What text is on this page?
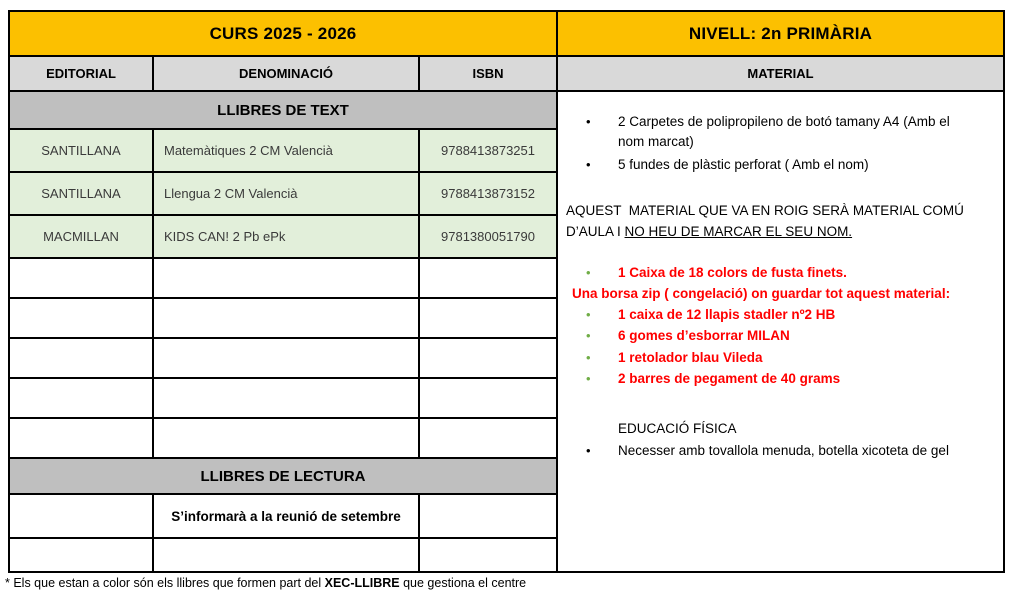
CURS 2025 - 2026
EDITORIAL	DENOMINACIÓ	ISBN
LLIBRES DE TEXT
SANTILLANA	Matemàtiques 2 CM Valencià	9788413873251
SANTILLANA	Llengua 2 CM Valencià	9788413873152
MACMILLAN	KIDS CAN! 2 Pb ePk	9781380051790
LLIBRES DE LECTURA
S’informarà a la reunió de setembre
NIVELL: 2n PRIMÀRIA
MATERIAL
•	2 Carpetes de polipropileno de botó tamany A4 (Amb el nom marcat)
•	5 fundes de plàstic perforat ( Amb el nom)
AQUEST  MATERIAL QUE VA EN ROIG SERÀ MATERIAL COMÚ D’AULA I NO HEU DE MARCAR EL SEU NOM.
•	1 Caixa de 18 colors de fusta finets.
Una borsa zip ( congelació) on guardar tot aquest material:
•	1 caixa de 12 llapis stadler nº2 HB
•	6 gomes d’esborrar MILAN
•	1 retolador blau Vileda
•	2 barres de pegament de 40 grams
EDUCACIÓ FÍSICA
•	Necesser amb tovallola menuda, botella xicoteta de gel
* Els que estan a color són els llibres que formen part del XEC-LLIBRE que gestiona el centre
